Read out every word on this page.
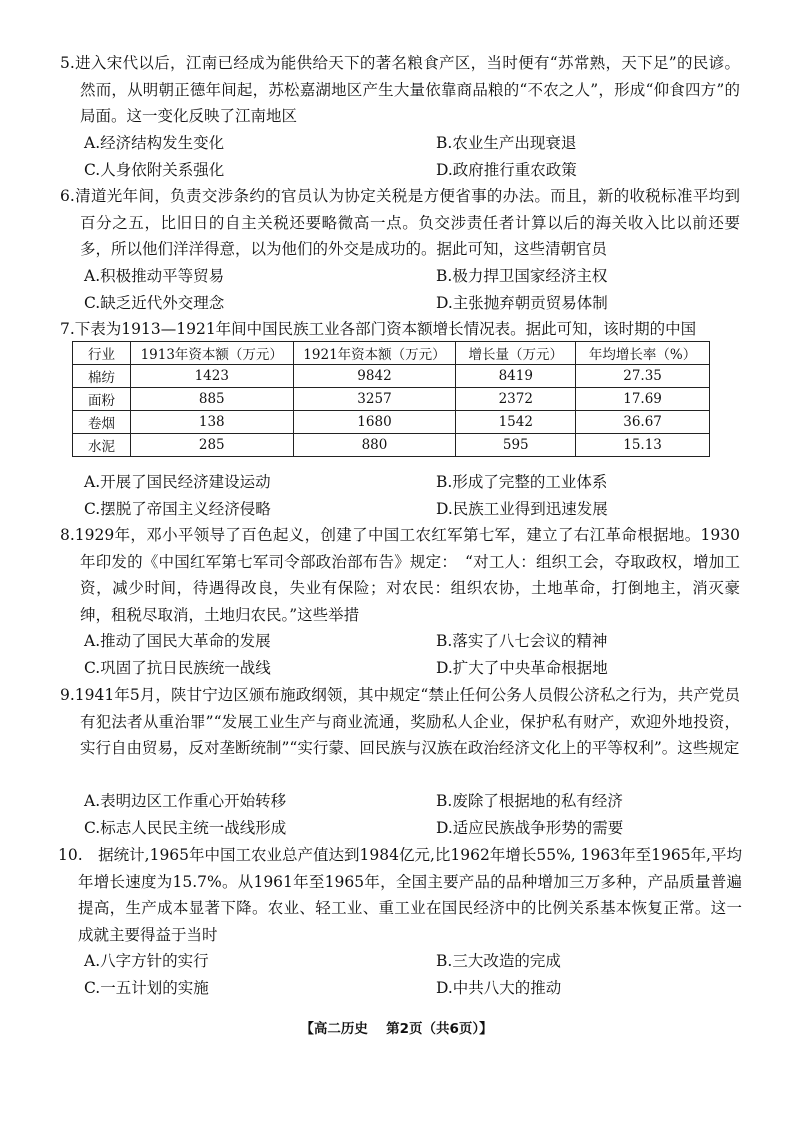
5.进入宋代以后，江南已经成为能供给天下的著名粮食产区，当时便有“苏常熟，天下足”的民谚。然而，从明朝正德年间起，苏松嘉湖地区产生大量依靠商品粮的“不农之人”，形成“仰食四方”的局面。这一变化反映了江南地区
A.经济结构发生变化	B.农业生产出现衰退
C.人身依附关系强化	D.政府推行重农政策
6.清道光年间，负责交涉条约的官员认为协定关税是方便省事的办法。而且，新的收税标准平均到百分之五，比旧日的自主关税还要略微高一点。负交涉责任者计算以后的海关收入比以前还要多，所以他们洋洋得意，以为他们的外交是成功的。据此可知，这些清朝官员
A.积极推动平等贸易	B.极力捍卫国家经济主权
C.缺乏近代外交理念	D.主张抛弃朝贡贸易体制
7.下表为1913—1921年间中国民族工业各部门资本额增长情况表。据此可知，该时期的中国
行业	1913年资本额（万元）	1921年资本额（万元）	增长量（万元）	年均增长率（%）
棉纺	1423	9842	8419	27.35
面粉	885	3257	2372	17.69
卷烟	138	1680	1542	36.67
水泥	285	880	595	15.13
A.开展了国民经济建设运动	B.形成了完整的工业体系
C.摆脱了帝国主义经济侵略	D.民族工业得到迅速发展
8.1929年，邓小平领导了百色起义，创建了中国工农红军第七军，建立了右江革命根据地。1930年印发的《中国红军第七军司令部政治部布告》规定：　“对工人：组织工会，夺取政权，增加工资，减少时间，待遇得改良，失业有保险；对农民：组织农协，土地革命，打倒地主，消灭豪绅，租税尽取消，土地归农民。”这些举措
A.推动了国民大革命的发展	B.落实了八七会议的精神
C.巩固了抗日民族统一战线	D.扩大了中央革命根据地
9.1941年5月，陕甘宁边区颁布施政纲领，其中规定“禁止任何公务人员假公济私之行为，共产党员有犯法者从重治罪”“发展工业生产与商业流通，奖励私人企业，保护私有财产，欢迎外地投资，实行自由贸易，反对垄断统制”“实行蒙、回民族与汉族在政治经济文化上的平等权利”。这些规定
A.表明边区工作重心开始转移	B.废除了根据地的私有经济
C.标志人民民主统一战线形成	D.适应民族战争形势的需要
10.　据统计,1965年中国工农业总产值达到1984亿元,比1962年增长55%, 1963年至1965年,平均年增长速度为15.7%。从1961年至1965年，全国主要产品的品种增加三万多种，产品质量普遍提高，生产成本显著下降。农业、轻工业、重工业在国民经济中的比例关系基本恢复正常。这一成就主要得益于当时
A.八字方针的实行	B.三大改造的完成
C.一五计划的实施	D.中共八大的推动
【高二历史　 第2页（共6页）】
